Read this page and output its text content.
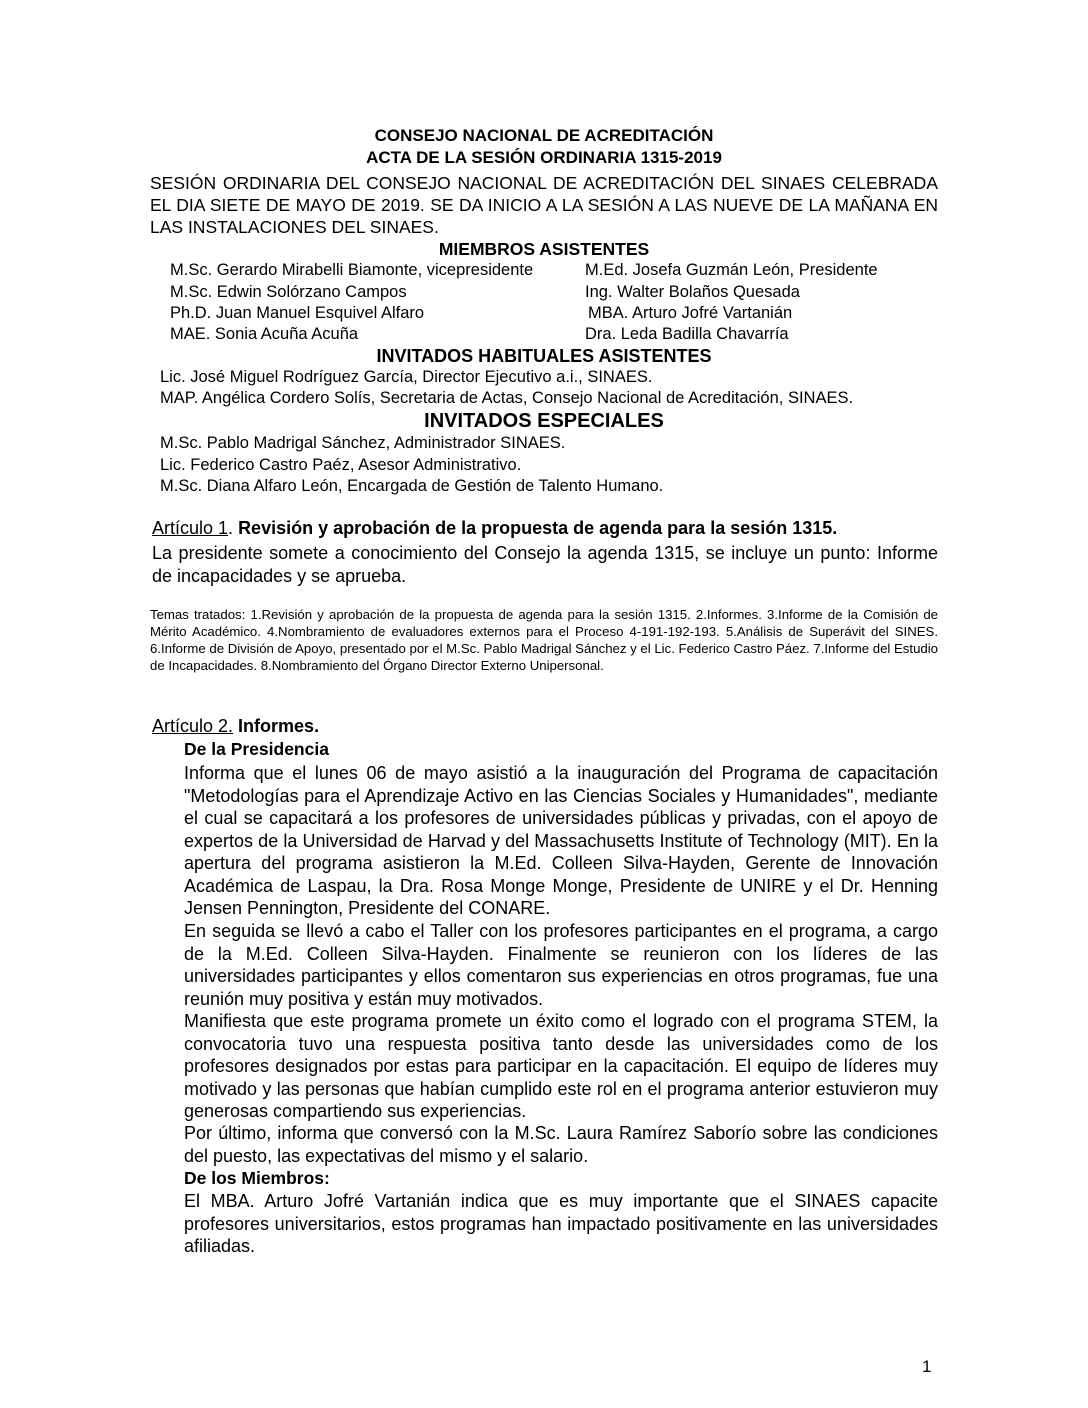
CONSEJO NACIONAL DE ACREDITACIÓN
ACTA DE LA SESIÓN ORDINARIA 1315-2019
SESIÓN ORDINARIA DEL CONSEJO NACIONAL DE ACREDITACIÓN DEL SINAES CELEBRADA EL DIA SIETE DE MAYO DE 2019. SE DA INICIO A LA SESIÓN A LAS NUEVE DE LA MAÑANA EN LAS INSTALACIONES DEL SINAES.
MIEMBROS ASISTENTES
M.Sc. Gerardo Mirabelli Biamonte, vicepresidente
M.Sc. Edwin Solórzano Campos
Ph.D. Juan Manuel Esquivel Alfaro
MAE. Sonia Acuña Acuña
M.Ed. Josefa Guzmán León, Presidente
Ing. Walter Bolaños Quesada
MBA. Arturo Jofré Vartanián
Dra. Leda Badilla Chavarría
INVITADOS HABITUALES ASISTENTES
Lic. José Miguel Rodríguez García, Director Ejecutivo a.i., SINAES.
MAP. Angélica Cordero Solís, Secretaria de Actas, Consejo Nacional de Acreditación, SINAES.
INVITADOS ESPECIALES
M.Sc. Pablo Madrigal Sánchez, Administrador SINAES.
Lic. Federico Castro Paéz, Asesor Administrativo.
M.Sc. Diana Alfaro León, Encargada de Gestión de Talento Humano.
Artículo 1. Revisión y aprobación de la propuesta de agenda para la sesión 1315.
La presidente somete a conocimiento del Consejo la agenda 1315, se incluye un punto: Informe de incapacidades y se aprueba.
Temas tratados: 1.Revisión y aprobación de la propuesta de agenda para la sesión 1315. 2.Informes. 3.Informe de la Comisión de Mérito Académico. 4.Nombramiento de evaluadores externos para el Proceso 4-191-192-193. 5.Análisis de Superávit del SINES. 6.Informe de División de Apoyo, presentado por el M.Sc. Pablo Madrigal Sánchez y el Lic. Federico Castro Páez. 7.Informe del Estudio de Incapacidades. 8.Nombramiento del Órgano Director Externo Unipersonal.
Artículo 2. Informes.
De la Presidencia
Informa que el lunes 06 de mayo asistió a la inauguración del Programa de capacitación "Metodologías para el Aprendizaje Activo en las Ciencias Sociales y Humanidades", mediante el cual se capacitará a los profesores de universidades públicas y privadas, con el apoyo de expertos de la Universidad de Harvad y del Massachusetts Institute of Technology (MIT). En la apertura del programa asistieron la M.Ed. Colleen Silva-Hayden, Gerente de Innovación Académica de Laspau, la Dra. Rosa Monge Monge, Presidente de UNIRE y el Dr. Henning Jensen Pennington, Presidente del CONARE.
En seguida se llevó a cabo el Taller con los profesores participantes en el programa, a cargo de la M.Ed. Colleen Silva-Hayden. Finalmente se reunieron con los líderes de las universidades participantes y ellos comentaron sus experiencias en otros programas, fue una reunión muy positiva y están muy motivados.
Manifiesta que este programa promete un éxito como el logrado con el programa STEM, la convocatoria tuvo una respuesta positiva tanto desde las universidades como de los profesores designados por estas para participar en la capacitación. El equipo de líderes muy motivado y las personas que habían cumplido este rol en el programa anterior estuvieron muy generosas compartiendo sus experiencias.
Por último, informa que conversó con la M.Sc. Laura Ramírez Saborío sobre las condiciones del puesto, las expectativas del mismo y el salario.
De los Miembros:
El MBA. Arturo Jofré Vartanián indica que es muy importante que el SINAES capacite profesores universitarios, estos programas han impactado positivamente en las universidades afiliadas.
1
